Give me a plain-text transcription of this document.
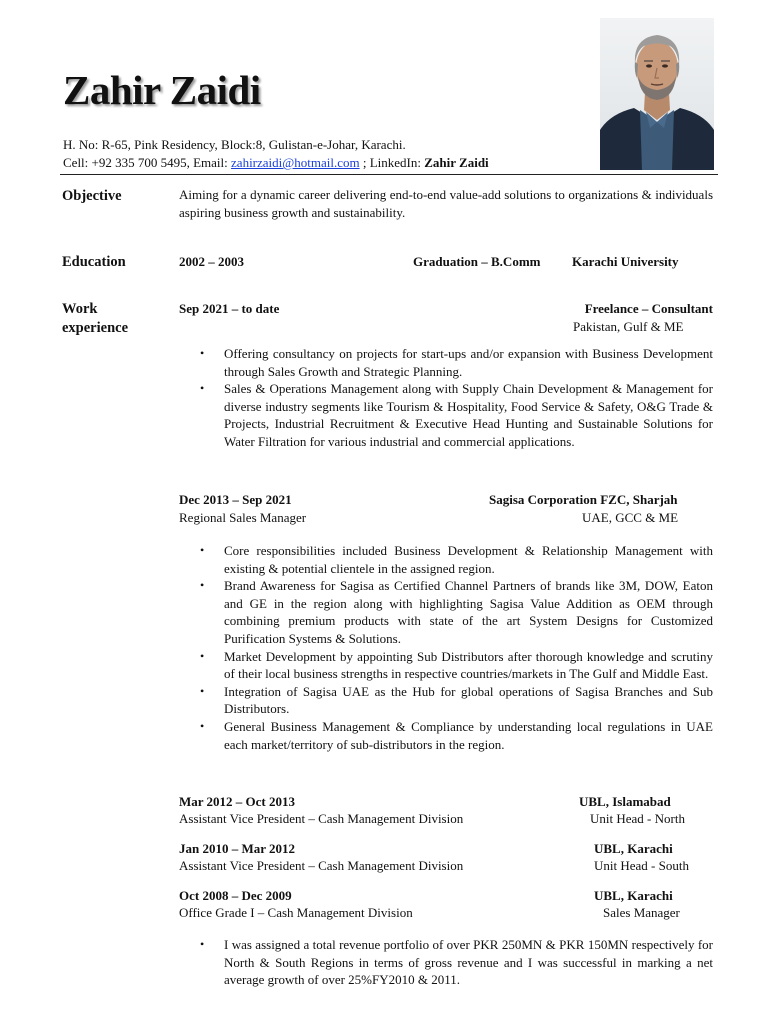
Zahir Zaidi
H. No: R-65, Pink Residency, Block:8, Gulistan-e-Johar, Karachi.
Cell: +92 335 700 5495, Email: zahirzaidi@hotmail.com ; LinkedIn: Zahir Zaidi
Objective
Education
Work
experience
Aiming for a dynamic career delivering end-to-end value-add solutions to organizations & individuals aspiring business growth and sustainability.
2002 – 2003	Graduation – B.Comm Karachi University
Sep 2021 – to date	Freelance – Consultant
Pakistan, Gulf & ME
• Offering consultancy on projects for start-ups and/or expansion with Business Development through Sales Growth and Strategic Planning.
• Sales & Operations Management along with Supply Chain Development & Management for diverse industry segments like Tourism & Hospitality, Food Service & Safety, O&G Trade & Projects, Industrial Recruitment & Executive Head Hunting and Sustainable Solutions for Water Filtration for various industrial and commercial applications.
Dec 2013 – Sep 2021
Regional Sales Manager
Sagisa Corporation FZC, Sharjah
UAE, GCC & ME
• Core responsibilities included Business Development & Relationship Management with existing & potential clientele in the assigned region.
• Brand Awareness for Sagisa as Certified Channel Partners of brands like 3M, DOW, Eaton and GE in the region along with highlighting Sagisa Value Addition as OEM through combining premium products with state of the art System Designs for Customized Purification Systems & Solutions.
• Market Development by appointing Sub Distributors after thorough knowledge and scrutiny of their local business strengths in respective countries/markets in The Gulf and Middle East.
• Integration of Sagisa UAE as the Hub for global operations of Sagisa Branches and Sub Distributors.
• General Business Management & Compliance by understanding local regulations in UAE each market/territory of sub-distributors in the region.
Mar 2012 – Oct 2013
Assistant Vice President – Cash Management Division
UBL, Islamabad
Unit Head - North
Jan 2010 – Mar 2012
Assistant Vice President – Cash Management Division
UBL, Karachi
Unit Head - South
Oct 2008 – Dec 2009
Office Grade I – Cash Management Division
UBL, Karachi
Sales Manager
• I was assigned a total revenue portfolio of over PKR 250MN & PKR 150MN respectively for North & South Regions in terms of gross revenue and I was successful in marking a net average growth of over 25%FY2010 & 2011.
